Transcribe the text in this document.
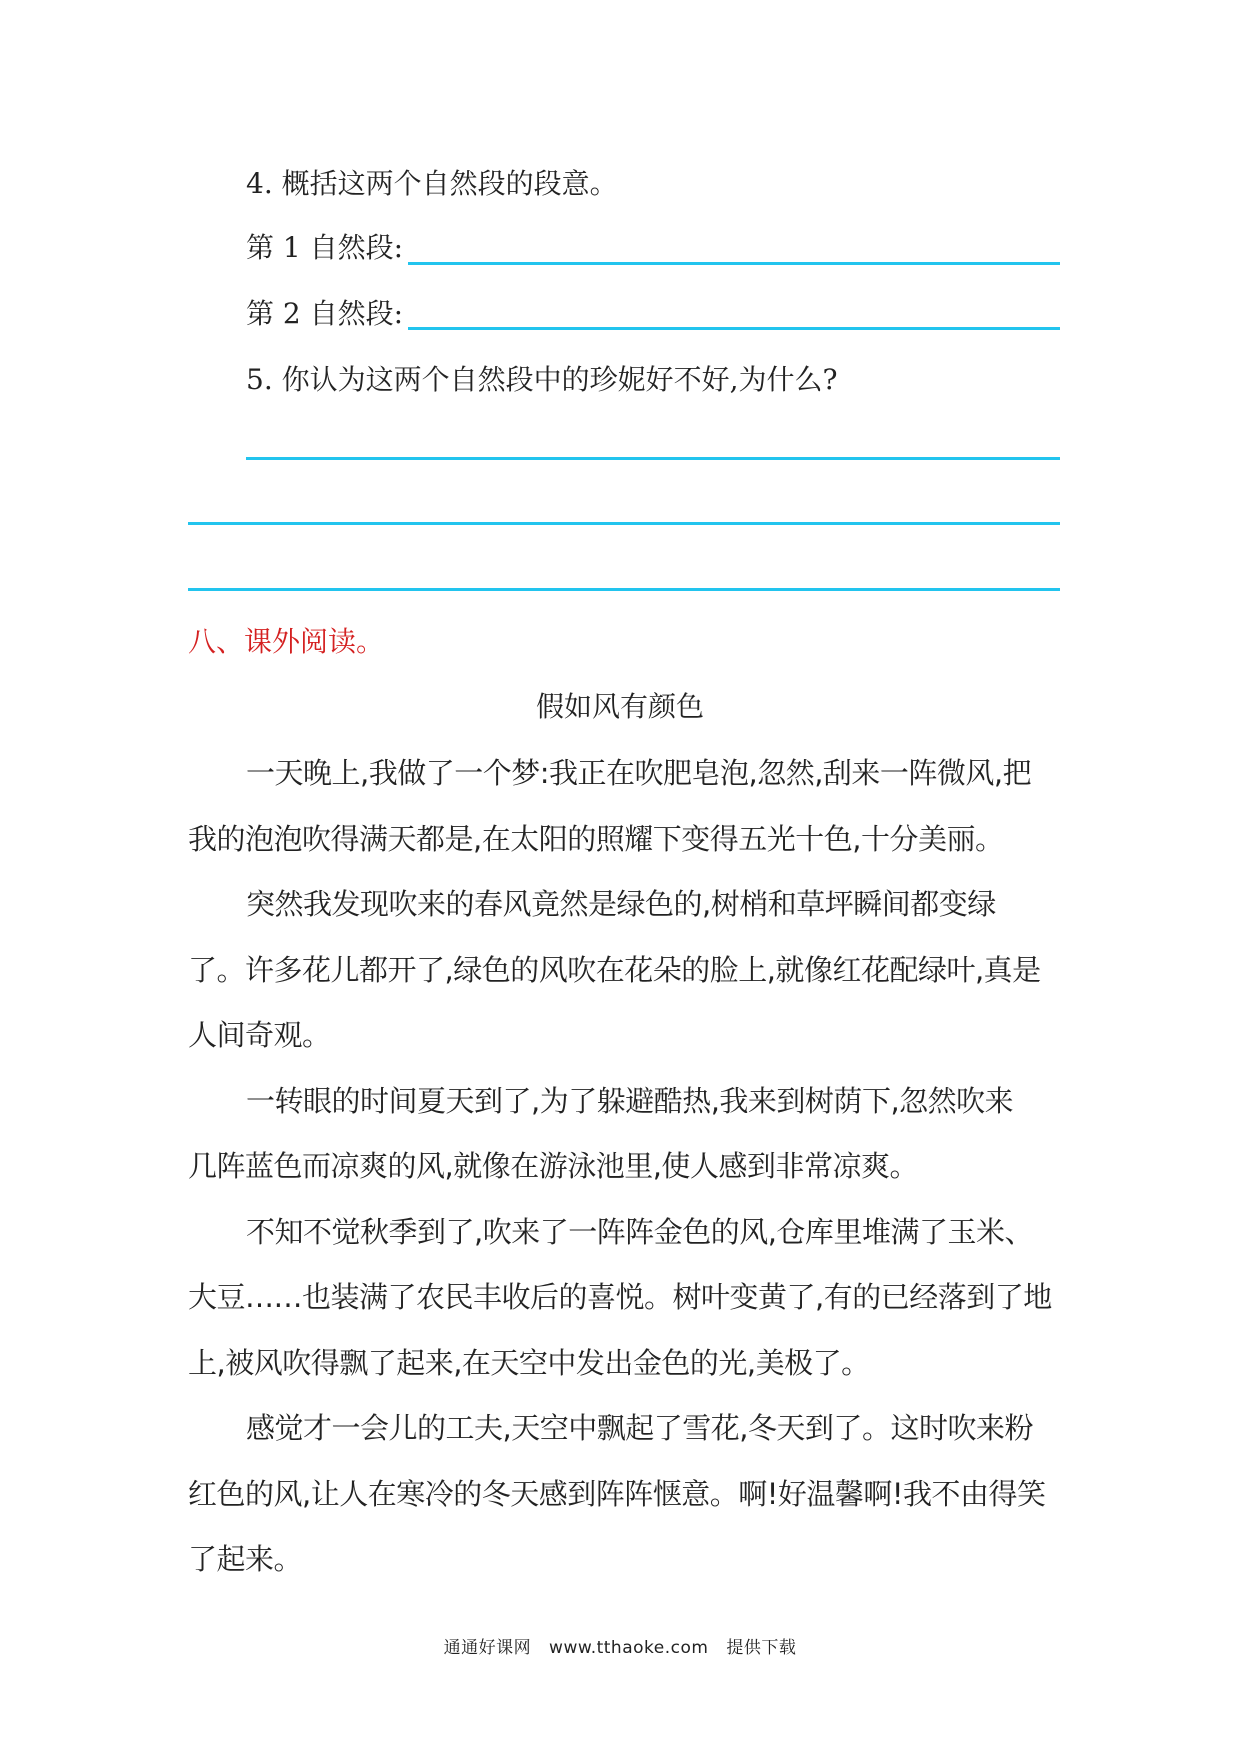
4. 概括这两个自然段的段意。
第 1 自然段:
第 2 自然段:
5. 你认为这两个自然段中的珍妮好不好,为什么?
八、课外阅读。
假如风有颜色
一天晚上,我做了一个梦:我正在吹肥皂泡,忽然,刮来一阵微风,把
我的泡泡吹得满天都是,在太阳的照耀下变得五光十色,十分美丽。
突然我发现吹来的春风竟然是绿色的,树梢和草坪瞬间都变绿
了。许多花儿都开了,绿色的风吹在花朵的脸上,就像红花配绿叶,真是
人间奇观。
一转眼的时间夏天到了,为了躲避酷热,我来到树荫下,忽然吹来
几阵蓝色而凉爽的风,就像在游泳池里,使人感到非常凉爽。
不知不觉秋季到了,吹来了一阵阵金色的风,仓库里堆满了玉米、
大豆……也装满了农民丰收后的喜悦。树叶变黄了,有的已经落到了地
上,被风吹得飘了起来,在天空中发出金色的光,美极了。
感觉才一会儿的工夫,天空中飘起了雪花,冬天到了。这时吹来粉
红色的风,让人在寒冷的冬天感到阵阵惬意。啊!好温馨啊!我不由得笑
了起来。
通通好课网 www.tthaoke.com 提供下载
